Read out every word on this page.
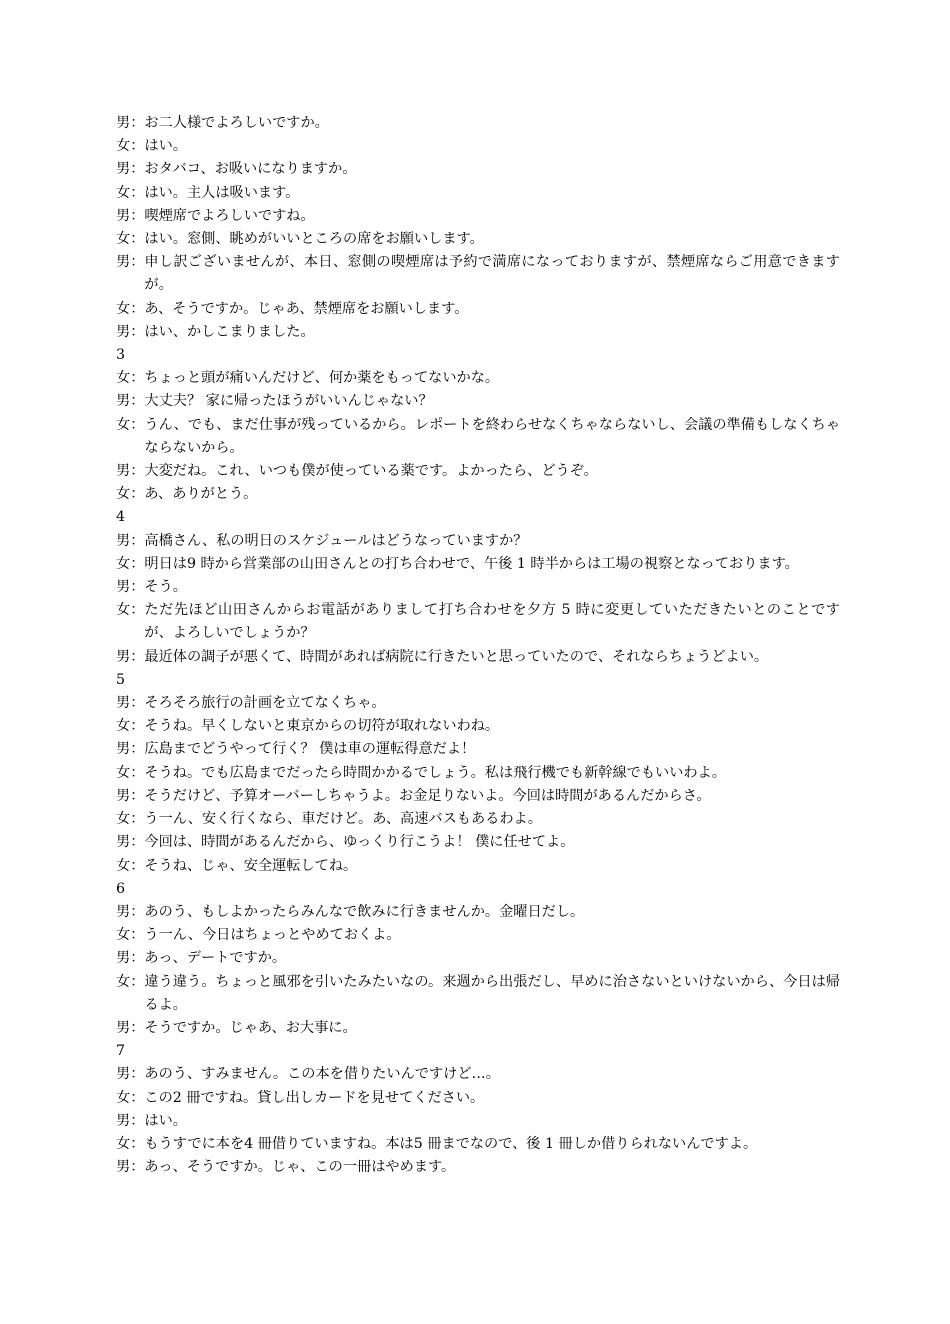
男： お二人様でよろしいですか。
女： はい。
男： おタバコ、お吸いになりますか。
女： はい。主人は吸います。
男： 喫煙席でよろしいですね。
女： はい。窓側、眺めがいいところの席をお願いします。
男： 申し訳ございませんが、本日、窓側の喫煙席は予約で満席になっておりますが、禁煙席ならご用意できますが。
女： あ、そうですか。じゃあ、禁煙席をお願いします。
男： はい、かしこまりました。
3
女： ちょっと頭が痛いんだけど、何か薬をもってないかな。
男： 大丈夫？ 家に帰ったほうがいいんじゃない？
女： うん、でも、まだ仕事が残っているから。レポートを終わらせなくちゃならないし、会議の準備もしなくちゃならないから。
男： 大変だね。これ、いつも僕が使っている薬です。よかったら、どうぞ。
女： あ、ありがとう。
4
男： 高橋さん、私の明日のスケジュールはどうなっていますか？
女： 明日は9 時から営業部の山田さんとの打ち合わせで、午後 1 時半からは工場の視察となっております。
男： そう。
女： ただ先ほど山田さんからお電話がありまして打ち合わせを夕方 5 時に変更していただきたいとのことですが、よろしいでしょうか？
男： 最近体の調子が悪くて、時間があれば病院に行きたいと思っていたので、それならちょうどよい。
5
男： そろそろ旅行の計画を立てなくちゃ。
女： そうね。早くしないと東京からの切符が取れないわね。
男： 広島までどうやって行く？ 僕は車の運転得意だよ！
女： そうね。でも広島までだったら時間かかるでしょう。私は飛行機でも新幹線でもいいわよ。
男： そうだけど、予算オーバーしちゃうよ。お金足りないよ。今回は時間があるんだからさ。
女： う一ん、安く行くなら、車だけど。あ、高速バスもあるわよ。
男： 今回は、時間があるんだから、ゆっくり行こうよ！ 僕に任せてよ。
女： そうね、じゃ、安全運転してね。
6
男： あのう、もしよかったらみんなで飲みに行きませんか。金曜日だし。
女： う一ん、今日はちょっとやめておくよ。
男： あっ、デートですか。
女： 違う違う。ちょっと風邪を引いたみたいなの。来週から出張だし、早めに治さないといけないから、今日は帰るよ。
男： そうですか。じゃあ、お大事に。
7
男： あのう、すみません。この本を借りたいんですけど…。
女： この2 冊ですね。貸し出しカードを見せてください。
男： はい。
女： もうすでに本を4 冊借りていますね。本は5 冊までなので、後 1 冊しか借りられないんですよ。
男： あっ、そうですか。じゃ、この一冊はやめます。
